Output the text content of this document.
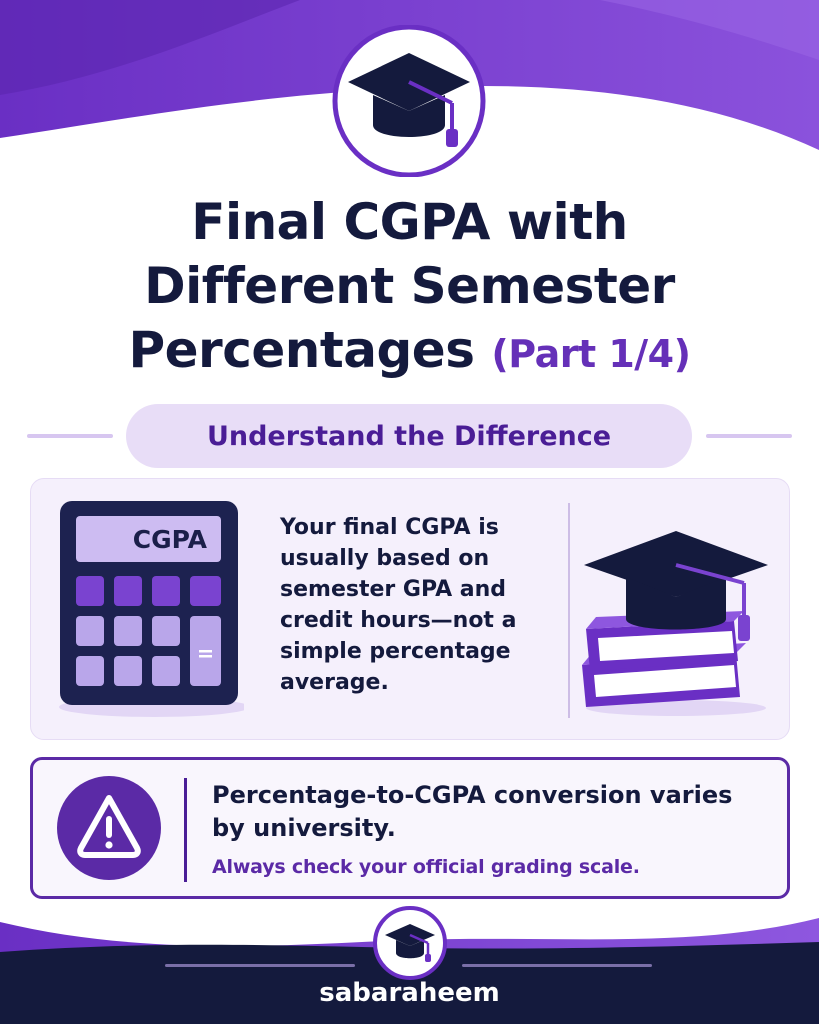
Final CGPA with
Different Semester
Percentages (Part 1/4)
Understand the Difference
CGPA	Your final CGPA is usually based on semester GPA and credit hours—not a simple percentage average.
Percentage-to-CGPA conversion varies by university.
Always check your official grading scale.
sabaraheem
